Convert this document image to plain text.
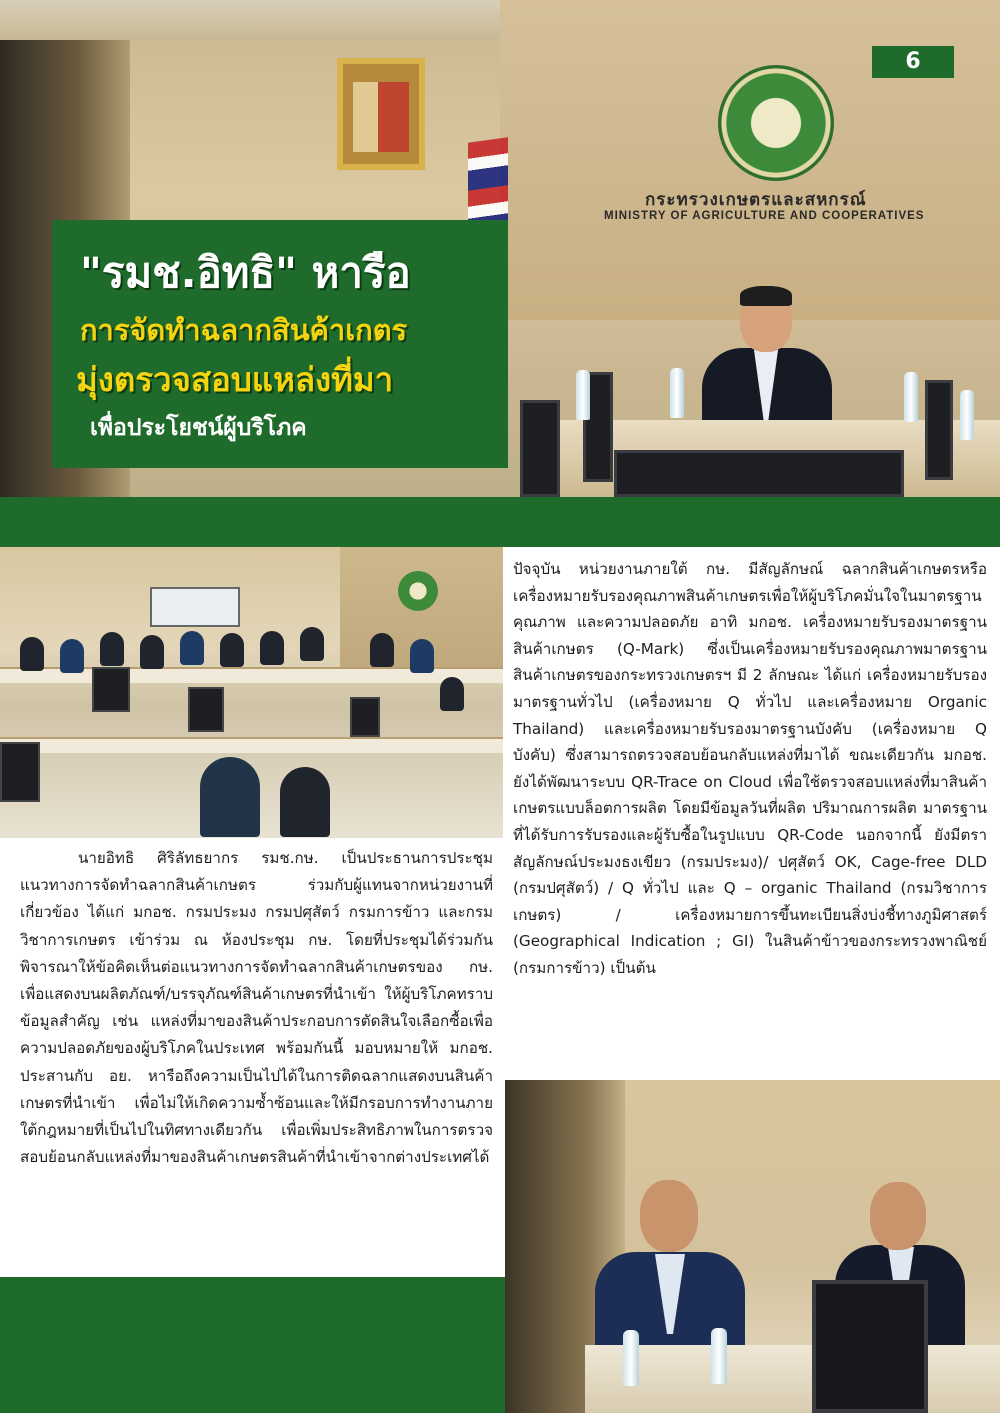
กระทรวงเกษตรและสหกรณ์
MINISTRY OF AGRICULTURE AND COOPERATIVES
6
"รมช.อิทธิ" หารือ
การจัดทำฉลากสินค้าเกตร
มุ่งตรวจสอบแหล่งที่มา
เพื่อประโยชน์ผู้บริโภค
นายอิทธิ ศิริลัทธยากร รมช.กษ. เป็นประธานการประชุมแนวทางการจัดทำฉลากสินค้าเกษตร ร่วมกับผู้แทนจากหน่วยงานที่เกี่ยวข้อง ได้แก่ มกอช. กรมประมง กรมปศุสัตว์ กรมการข้าว และกรมวิชาการเกษตร เข้าร่วม ณ ห้องประชุม กษ. โดยที่ประชุมได้ร่วมกันพิจารณาให้ข้อคิดเห็นต่อแนวทางการจัดทำฉลากสินค้าเกษตรของ กษ. เพื่อแสดงบนผลิตภัณฑ์/บรรจุภัณฑ์สินค้าเกษตรที่นำเข้า ให้ผู้บริโภคทราบข้อมูลสำคัญ เช่น แหล่งที่มาของสินค้าประกอบการตัดสินใจเลือกซื้อเพื่อความปลอดภัยของผู้บริโภคในประเทศ พร้อมกันนี้ มอบหมายให้ มกอช. ประสานกับ อย. หารือถึงความเป็นไปได้ในการติดฉลากแสดงบนสินค้าเกษตรที่นำเข้า เพื่อไม่ให้เกิดความซ้ำซ้อนและให้มีกรอบการทำงานภายใต้กฎหมายที่เป็นไปในทิศทางเดียวกัน เพื่อเพิ่มประสิทธิภาพในการตรวจสอบย้อนกลับแหล่งที่มาของสินค้าเกษตรสินค้าที่นำเข้าจากต่างประเทศได้
ปัจจุบัน หน่วยงานภายใต้ กษ. มีสัญลักษณ์ ฉลากสินค้าเกษตรหรือเครื่องหมายรับรองคุณภาพสินค้าเกษตรเพื่อให้ผู้บริโภคมั่นใจในมาตรฐาน คุณภาพ และความปลอดภัย อาทิ มกอช. เครื่องหมายรับรองมาตรฐานสินค้าเกษตร (Q-Mark) ซึ่งเป็นเครื่องหมายรับรองคุณภาพมาตรฐานสินค้าเกษตรของกระทรวงเกษตรฯ มี 2 ลักษณะ ได้แก่ เครื่องหมายรับรองมาตรฐานทั่วไป (เครื่องหมาย Q ทั่วไป และเครื่องหมาย Organic Thailand) และเครื่องหมายรับรองมาตรฐานบังคับ (เครื่องหมาย Q บังคับ) ซึ่งสามารถตรวจสอบย้อนกลับแหล่งที่มาได้ ขณะเดียวกัน มกอช. ยังได้พัฒนาระบบ QR-Trace on Cloud เพื่อใช้ตรวจสอบแหล่งที่มาสินค้าเกษตรแบบล็อตการผลิต โดยมีข้อมูลวันที่ผลิต ปริมาณการผลิต มาตรฐานที่ได้รับการรับรองและผู้รับซื้อในรูปแบบ QR-Code นอกจากนี้ ยังมีตราสัญลักษณ์ประมงธงเขียว (กรมประมง)/ ปศุสัตว์ OK, Cage-free DLD (กรมปศุสัตว์) / Q ทั่วไป และ Q – organic Thailand (กรมวิชาการเกษตร) / เครื่องหมายการขึ้นทะเบียนสิ่งบ่งชี้ทางภูมิศาสตร์ (Geographical Indication ; GI) ในสินค้าข้าวของกระทรวงพาณิชย์ (กรมการข้าว) เป็นต้น
